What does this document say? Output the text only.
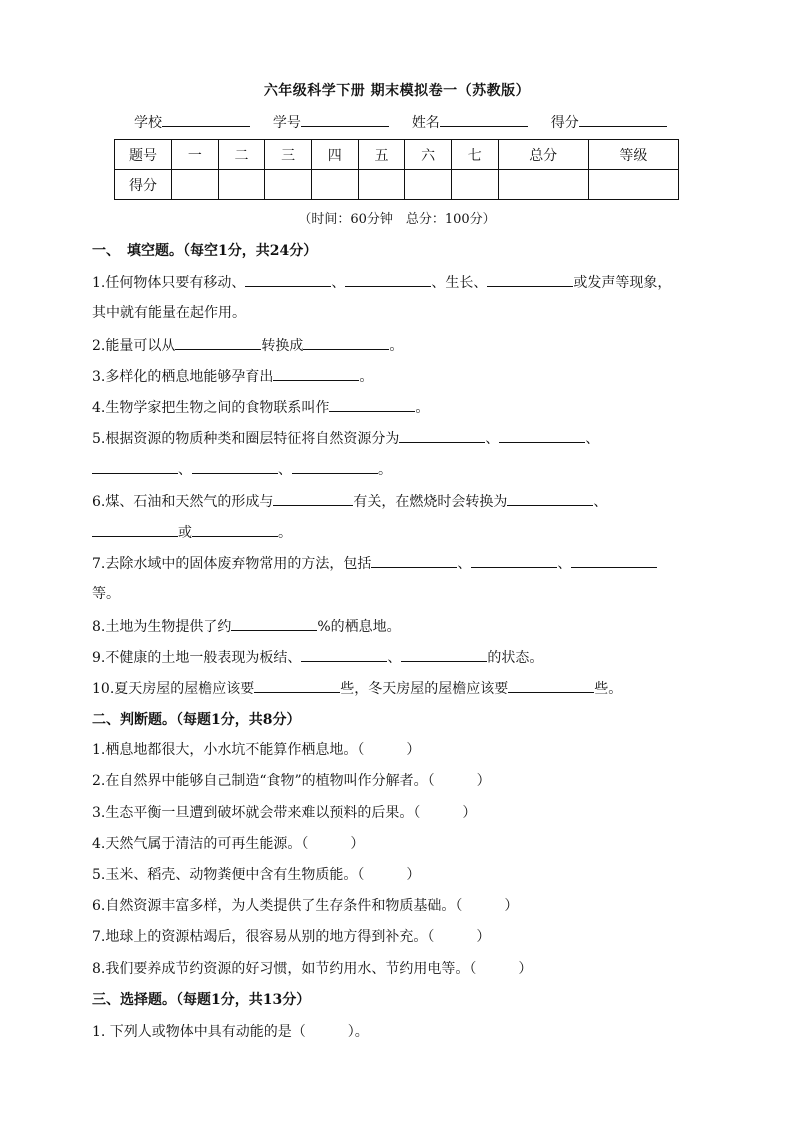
六年级科学下册 期末模拟卷一（苏教版）
学校	学号	姓名	得分
题号	一	二	三	四	五	六	七	总分	等级
得分									
（时间：60分钟　总分：100分）
一、　填空题。（每空1分，共24分）
1.任何物体只要有移动、	、	、生长、	或发声等现象，
其中就有能量在起作用。
2.能量可以从	转换成	。
3.多样化的栖息地能够孕育出	。
4.生物学家把生物之间的食物联系叫作	。
5.根据资源的物质种类和圈层特征将自然资源分为	、	、
、	、	。
6.煤、石油和天然气的形成与	有关，在燃烧时会转换为	、
或	。
7.去除水域中的固体废弃物常用的方法，包括	、	、
等。
8.土地为生物提供了约	%的栖息地。
9.不健康的土地一般表现为板结、	、	的状态。
10.夏天房屋的屋檐应该要	些，冬天房屋的屋檐应该要	些。
二、判断题。（每题1分，共8分）
1.栖息地都很大，小水坑不能算作栖息地。（　　　）
2.在自然界中能够自己制造“食物”的植物叫作分解者。（　　　）
3.生态平衡一旦遭到破坏就会带来难以预料的后果。（　　　）
4.天然气属于清洁的可再生能源。（　　　）
5.玉米、稻壳、动物粪便中含有生物质能。（　　　）
6.自然资源丰富多样，为人类提供了生存条件和物质基础。（　　　）
7.地球上的资源枯竭后，很容易从别的地方得到补充。（　　　）
8.我们要养成节约资源的好习惯，如节约用水、节约用电等。（　　　）
三、选择题。（每题1分，共13分）
1. 下列人或物体中具有动能的是（　　　）。
